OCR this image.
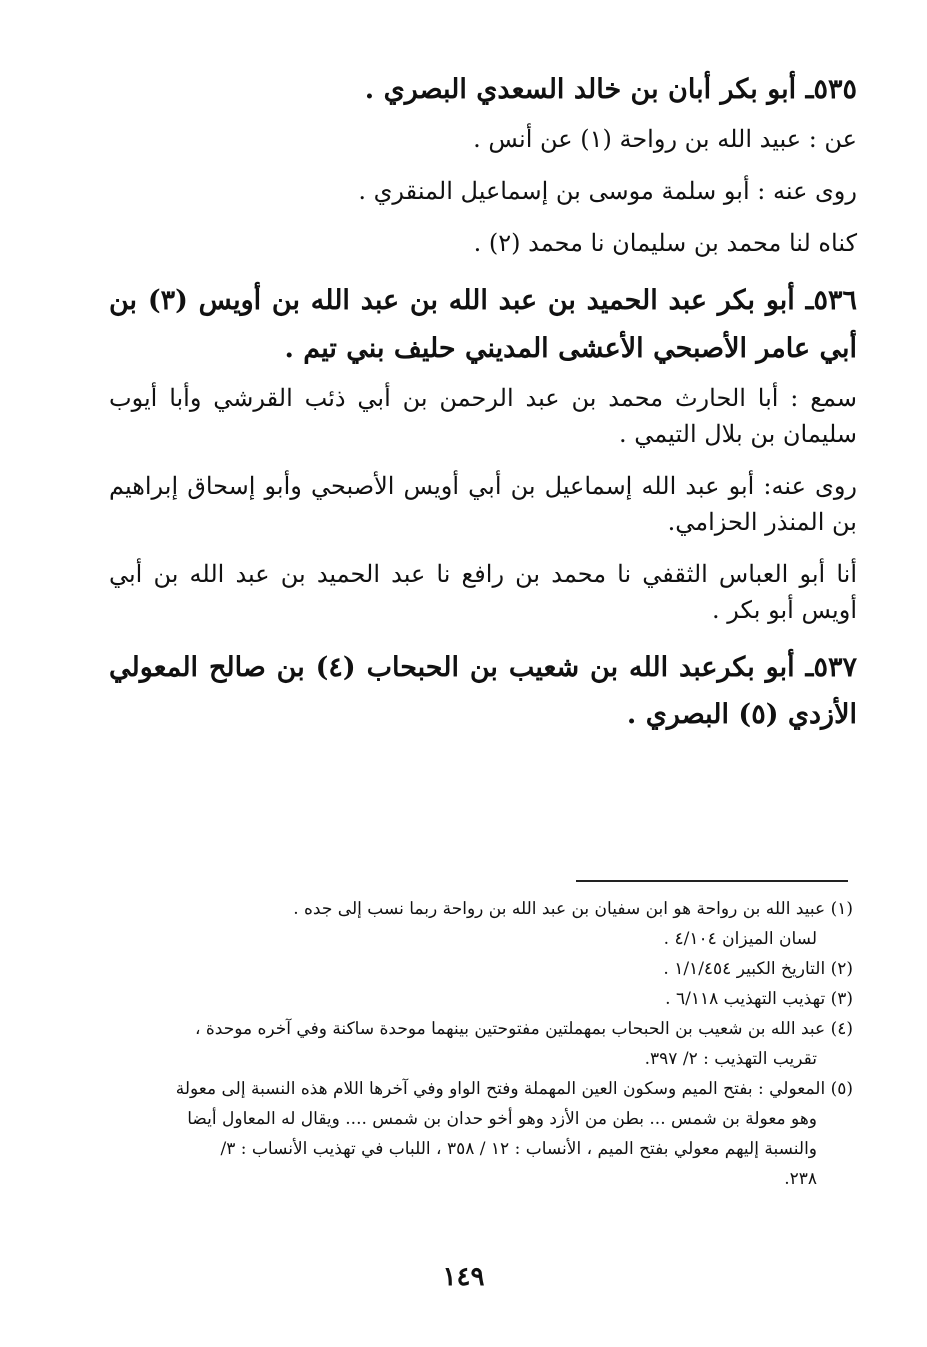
٥٣٥ـ أبو بكر أبان بن خالد السعدي البصري .
عن : عبيد الله بن رواحة (١) عن أنس .
روى عنه : أبو سلمة موسى بن إسماعيل المنقري .
كناه لنا محمد بن سليمان نا محمد (٢) .
٥٣٦ـ أبو بكر عبد الحميد بن عبد الله بن عبد الله بن أويس (٣) بن أبي عامر الأصبحي الأعشى المديني حليف بني تيم .
سمع : أبا الحارث محمد بن عبد الرحمن بن أبي ذئب القرشي وأبا أيوب سليمان بن بلال التيمي .
روى عنه: أبو عبد الله إسماعيل بن أبي أويس الأصبحي وأبو إسحاق إبراهيم بن المنذر الحزامي.
أنا أبو العباس الثقفي نا محمد بن رافع نا عبد الحميد بن عبد الله بن أبي أويس أبو بكر .
٥٣٧ـ أبو بكرعبد الله بن شعيب بن الحبحاب (٤) بن صالح المعولي الأزدي (٥) البصري .
(١) عبيد الله بن رواحة هو ابن سفيان بن عبد الله بن رواحة ربما نسب إلى جده .
لسان الميزان ٤/١٠٤ .
(٢) التاريخ الكبير ١/١/٤٥٤ .
(٣) تهذيب التهذيب ٦/١١٨ .
(٤) عبد الله بن شعيب بن الحبحاب بمهملتين مفتوحتين بينهما موحدة ساكنة وفي آخره موحدة ،
تقريب التهذيب : ٢/ ٣٩٧.
(٥) المعولي : بفتح الميم وسكون العين المهملة وفتح الواو وفي آخرها اللام هذه النسبة إلى معولة
وهو معولة بن شمس ... بطن من الأزد وهو أخو حدان بن شمس .... ويقال له المعاول أيضا
والنسبة إليهم معولي بفتح الميم ، الأنساب : ١٢ / ٣٥٨ ، اللباب في تهذيب الأنساب : ٣/
٢٣٨.
١٤٩
